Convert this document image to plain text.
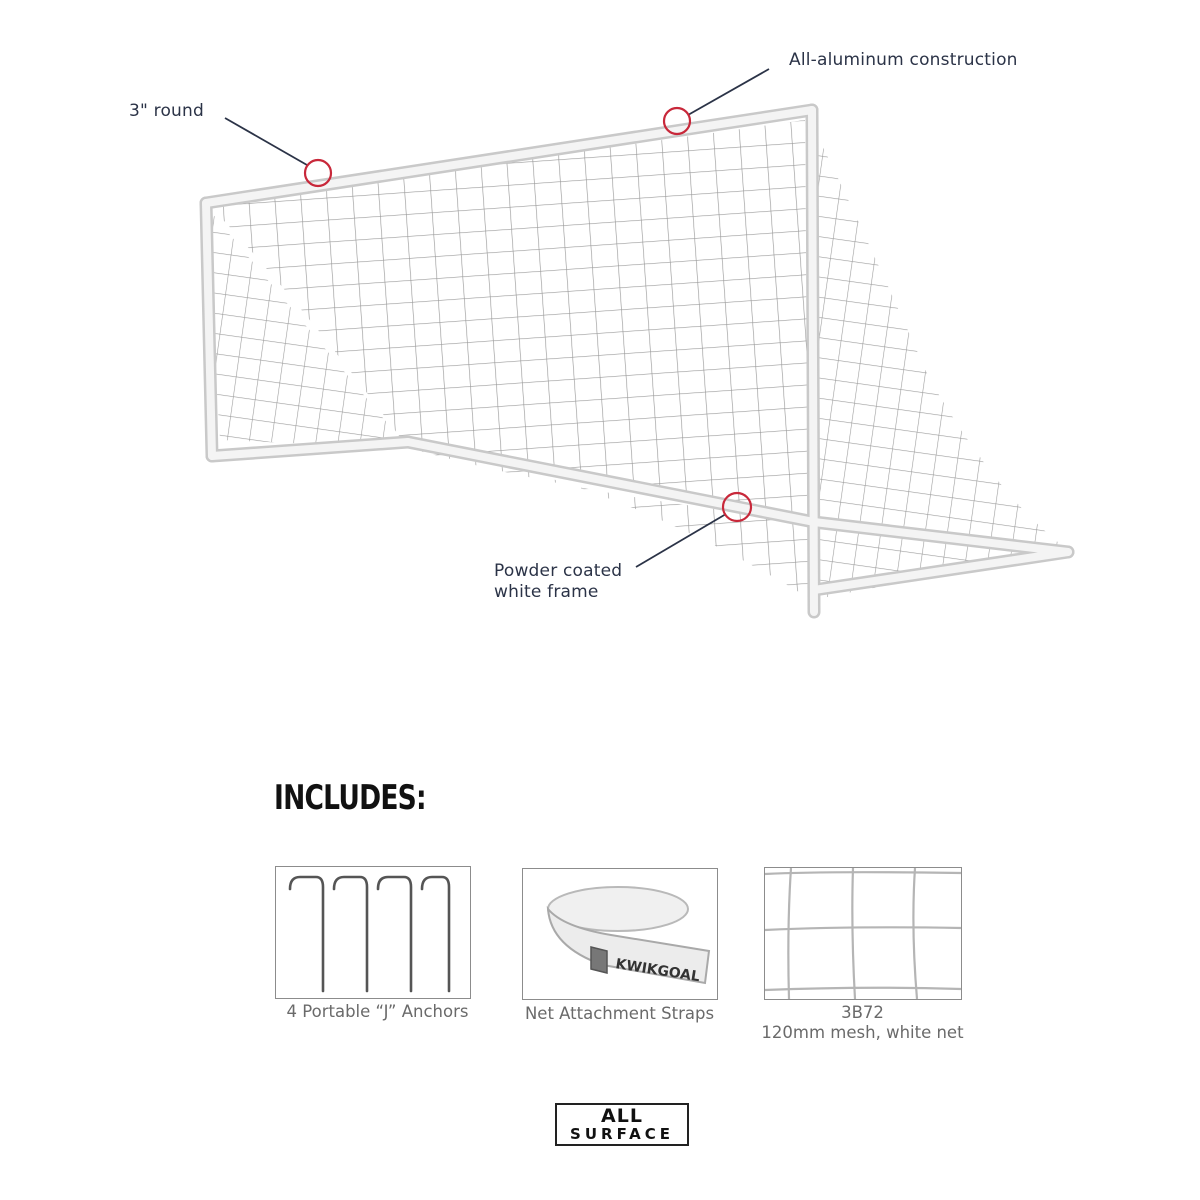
3" round
All-aluminum construction
Powder coated
white frame
INCLUDES:
4 Portable “J” Anchors
KWIKGOAL
Net Attachment Straps	3B72
120mm mesh, white net
ALL
SURFACE
